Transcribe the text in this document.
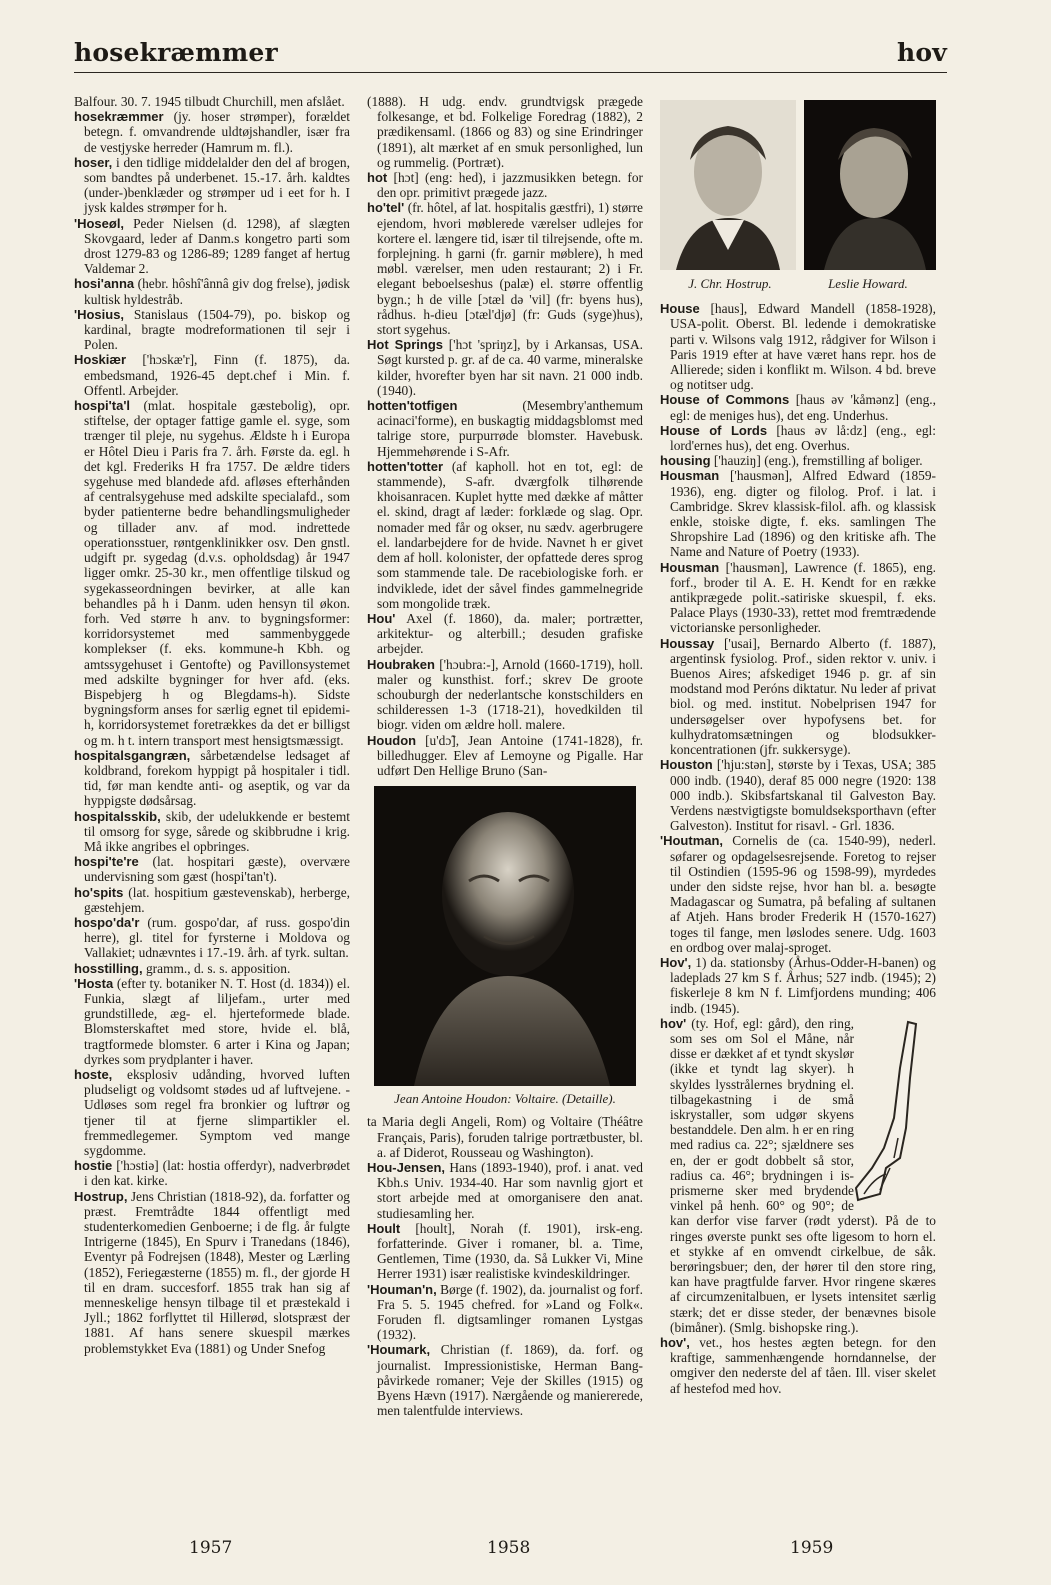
hosekræmmer	hov

Balfour. 30. 7. 1945 tilbudt Churchill, men afslået.

hosekræmmer (jy. hoser strømper), forældet betegn. f. omvandrende uldtøjshandler, især fra de vestjyske herreder (Hamrum m. fl.).

hoser, i den tidlige middelalder den del af brogen, som bandtes på underbenet. 15.-17. årh. kaldtes (under-)benklæder og strømper ud i eet for h. I jysk kaldes strømper for h.

'Hoseøl, Peder Nielsen (d. 1298), af slægten Skovgaard, leder af Danm.s kongetro parti som drost 1279-83 og 1286-89; 1289 fanget af hertug Valdemar 2.

hosi'anna (hebr. hôshî'ânnâ giv dog frelse), jødisk kultisk hyldestråb.

'Hosius, Stanislaus (1504-79), po. biskop og kardinal, bragte modreformationen til sejr i Polen.

Hoskiær ['hɔskæ'r], Finn (f. 1875), da. embedsmand, 1926-45 dept.chef i Min. f. Offentl. Arbejder.

hospi'ta'l (mlat. hospitale gæstebolig), opr. stiftelse, der optager fattige gamle el. syge, som trænger til pleje, nu sygehus. Ældste h i Europa er Hôtel Dieu i Paris fra 7. årh. Første da. egl. h det kgl. Frederiks H fra 1757. De ældre tiders sygehuse med blandede afd. afløses efterhånden af centralsygehuse med adskilte specialafd., som byder patienterne bedre behandlingsmuligheder og tillader anv. af mod. indrettede operationsstuer, røntgenklinikker osv. Den gnstl. udgift pr. sygedag (d.v.s. opholdsdag) år 1947 ligger omkr. 25-30 kr., men offentlige tilskud og sygekasseordningen bevirker, at alle kan behandles på h i Danm. uden hensyn til økon. forh. Ved større h anv. to bygningsformer: korridorsystemet med sammenbyggede komplekser (f. eks. kommune-h Kbh. og amtssygehuset i Gentofte) og Pavillonsystemet med adskilte bygninger for hver afd. (eks. Bispebjerg h og Blegdams-h). Sidste bygningsform anses for særlig egnet til epidemi-h, korridorsystemet foretrækkes da det er billigst og m. h t. intern transport mest hensigtsmæssigt.

hospitalsgangræn, sårbetændelse ledsaget af koldbrand, forekom hyppigt på hospitaler i tidl. tid, før man kendte anti- og aseptik, og var da hyppigste dødsårsag.

hospitalsskib, skib, der udelukkende er bestemt til omsorg for syge, sårede og skibbrudne i krig. Må ikke angribes el opbringes.

hospi'te're (lat. hospitari gæste), overvære undervisning som gæst (hospi'tan't).

ho'spits (lat. hospitium gæstevenskab), herberge, gæstehjem.

hospo'da'r (rum. gospo'dar, af russ. gospo'din herre), gl. titel for fyrsterne i Moldova og Vallakiet; udnævntes i 17.-19. årh. af tyrk. sultan.

hosstilling, gramm., d. s. s. apposition.

'Hosta (efter ty. botaniker N. T. Host (d. 1834)) el. Funkia, slægt af liljefam., urter med grundstillede, æg- el. hjerteformede blade. Blomsterskaftet med store, hvide el. blå, tragtformede blomster. 6 arter i Kina og Japan; dyrkes som prydplanter i haver.

hoste, eksplosiv udånding, hvorved luften pludseligt og voldsomt stødes ud af luftvejene. - Udløses som regel fra bronkier og luftrør og tjener til at fjerne slimpartikler el. fremmedlegemer. Symptom ved mange sygdomme.

hostie ['hɔstiə] (lat: hostia offerdyr), nadverbrødet i den kat. kirke.

Hostrup, Jens Christian (1818-92), da. forfatter og præst. Fremtrådte 1844 offentligt med studenterkomedien Genboerne; i de flg. år fulgte Intrigerne (1845), En Spurv i Tranedans (1846), Eventyr på Fodrejsen (1848), Mester og Lærling (1852), Feriegæsterne (1855) m. fl., der gjorde H til en dram. succesforf. 1855 trak han sig af menneskelige hensyn tilbage til et præstekald i Jyll.; 1862 forflyttet til Hillerød, slotspræst der 1881. Af hans senere skuespil mærkes problemstykket Eva (1881) og Under Snefog

(1888). H udg. endv. grundtvigsk prægede folkesange, et bd. Folkelige Foredrag (1882), 2 prædikensaml. (1866 og 83) og sine Erindringer (1891), alt mærket af en smuk personlighed, lun og rummelig. (Portræt).

hot [hɔt] (eng: hed), i jazzmusikken betegn. for den opr. primitivt prægede jazz.

ho'tel' (fr. hôtel, af lat. hospitalis gæstfri), 1) større ejendom, hvori møblerede værelser udlejes for kortere el. længere tid, især til tilrejsende, ofte m. forplejning. h garni (fr. garnir møblere), h med møbl. værelser, men uden restaurant; 2) i Fr. elegant beboelseshus (palæ) el. større offentlig bygn.; h de ville [ɔtæl də 'vil] (fr: byens hus), rådhus. h-dieu [ɔtæl'djø] (fr: Guds (syge)hus), stort sygehus.

Hot Springs ['hɔt 'spriŋz], by i Arkansas, USA. Søgt kursted p. gr. af de ca. 40 varme, mineralske kilder, hvorefter byen har sit navn. 21 000 indb. (1940).

hotten'totfigen	(Mesembry'anthemum acinaci'forme), en buskagtig middagsblomst med talrige store, purpurrøde blomster. Havebusk. Hjemmehørende i S-Afr.

hotten'totter (af kapholl. hot en tot, egl: de stammende), S-afr. dværgfolk tilhørende khoisanracen. Kuplet hytte med dække af måtter el. skind, dragt af læder: forklæde og slag. Opr. nomader med får og okser, nu sædv. agerbrugere el. landarbejdere for de hvide. Navnet h er givet dem af holl. kolonister, der opfattede deres sprog som stammende tale. De racebiologiske forh. er indviklede, idet der såvel findes gammelnegride som mongolide træk.

Hou' Axel (f. 1860), da. maler; portrætter, arkitektur- og alterbill.; desuden grafiske arbejder.

Houbraken ['hɔubra:-], Arnold (1660-1719), holl. maler og kunsthist. forf.; skrev De groote schouburgh der nederlantsche konstschilders en schilderessen 1-3 (1718-21), hovedkilden til biogr. viden om ældre holl. malere.

Houdon [u'dɔ̃], Jean Antoine (1741-1828), fr. billedhugger. Elev af Lemoyne og Pigalle. Har udført Den Hellige Bruno (San-

Jean Antoine Houdon: Voltaire. (Detaille).

ta Maria degli Angeli, Rom) og Voltaire (Théâtre Français, Paris), foruden talrige portrætbuster, bl. a. af Diderot, Rousseau og Washington).

Hou-Jensen, Hans (1893-1940), prof. i anat. ved Kbh.s Univ. 1934-40. Har som navnlig gjort et stort arbejde med at omorganisere den anat. studiesamling her.

Hoult [hoult], Norah (f. 1901), irsk-eng. forfatterinde. Giver i romaner, bl. a. Time, Gentlemen, Time (1930, da. Så Lukker Vi, Mine Herrer 1931) især realistiske kvindeskildringer.

'Houman'n, Børge (f. 1902), da. journalist og forf. Fra 5. 5. 1945 chefred. for »Land og Folk«. Foruden fl. digtsamlinger romanen Lystgas (1932).

'Houmark, Christian (f. 1869), da. forf. og journalist. Impressionistiske, Herman Bang-påvirkede romaner; Veje der Skilles (1915) og Byens Hævn (1917). Nærgående og maniererede, men talentfulde interviews.

J. Chr. Hostrup.	Leslie Howard.

House [haus], Edward Mandell (1858-1928), USA-polit. Oberst. Bl. ledende i demokratiske parti v. Wilsons valg 1912, rådgiver for Wilson i Paris 1919 efter at have været hans repr. hos de Allierede; siden i konflikt m. Wilson. 4 bd. breve og notitser udg.

House of Commons [haus əv 'kåmənz] (eng., egl: de meniges hus), det eng. Underhus.

House of Lords [haus əv lå:dz] (eng., egl: lord'ernes hus), det eng. Overhus.

housing ['hauziŋ] (eng.), fremstilling af boliger.

Housman ['hausmən], Alfred Edward (1859-1936), eng. digter og filolog. Prof. i lat. i Cambridge. Skrev klassisk-filol. afh. og klassisk enkle, stoiske digte, f. eks. samlingen The Shropshire Lad (1896) og den kritiske afh. The Name and Nature of Poetry (1933).

Housman ['hausmən], Lawrence (f. 1865), eng. forf., broder til A. E. H. Kendt for en række antikprægede polit.-satiriske skuespil, f. eks. Palace Plays (1930-33), rettet mod fremtrædende victorianske personligheder.

Houssay ['usai], Bernardo Alberto (f. 1887), argentinsk fysiolog. Prof., siden rektor v. univ. i Buenos Aires; afskediget 1946 p. gr. af sin modstand mod Peróns diktatur. Nu leder af privat biol. og med. institut. Nobelprisen 1947 for undersøgelser over hypofysens bet. for kulhydratomsætningen og blodsukker-koncentrationen (jfr. sukkersyge).

Houston ['hju:stən], største by i Texas, USA; 385 000 indb. (1940), deraf 85 000 negre (1920: 138 000 indb.). Skibsfartskanal til Galveston Bay. Verdens næstvigtigste bomuldseksporthavn (efter Galveston). Institut for risavl. - Grl. 1836.

'Houtman, Cornelis de (ca. 1540-99), nederl. søfarer og opdagelsesrejsende. Foretog to rejser til Ostindien (1595-96 og 1598-99), myrdedes under den sidste rejse, hvor han bl. a. besøgte Madagascar og Sumatra, på befaling af sultanen af Atjeh. Hans broder Frederik H (1570-1627) toges til fange, men løslodes senere. Udg. 1603 en ordbog over malaj-sproget.

Hov', 1) da. stationsby (Århus-Odder-H-banen) og ladeplads 27 km S f. Århus; 527 indb. (1945); 2) fiskerleje 8 km N f. Limfjordens munding; 406 indb. (1945).

hov' (ty. Hof, egl: gård), den ring, som ses om Sol el Måne, når disse er dækket af et tyndt skyslør (ikke et tyndt lag skyer). h skyldes lysstrålernes brydning el. tilbagekastning i de små iskrystaller, som udgør skyens bestanddele. Den alm. h er en ring med radius ca. 22°; sjældnere ses en, der er godt dobbelt så stor, radius ca. 46°; brydningen i is-prismerne sker med brydende vinkel på henh. 60° og 90°; de kan derfor vise farver (rødt yderst). På de to ringes øverste punkt ses ofte ligesom to horn el. et stykke af en omvendt cirkelbue, de såk. berøringsbuer; den, der hører til den store ring, kan have pragtfulde farver. Hvor ringene skæres af circumzenitalbuen, er lysets intensitet særlig stærk; det er disse steder, der benævnes bisole (bimåner). (Smlg. bishopske ring.).

hov', vet., hos hestes ægten betegn. for den kraftige, sammenhængende horndannelse, der omgiver den nederste del af tåen. Ill. viser skelet af hestefod med hov.

1957	1958	1959
